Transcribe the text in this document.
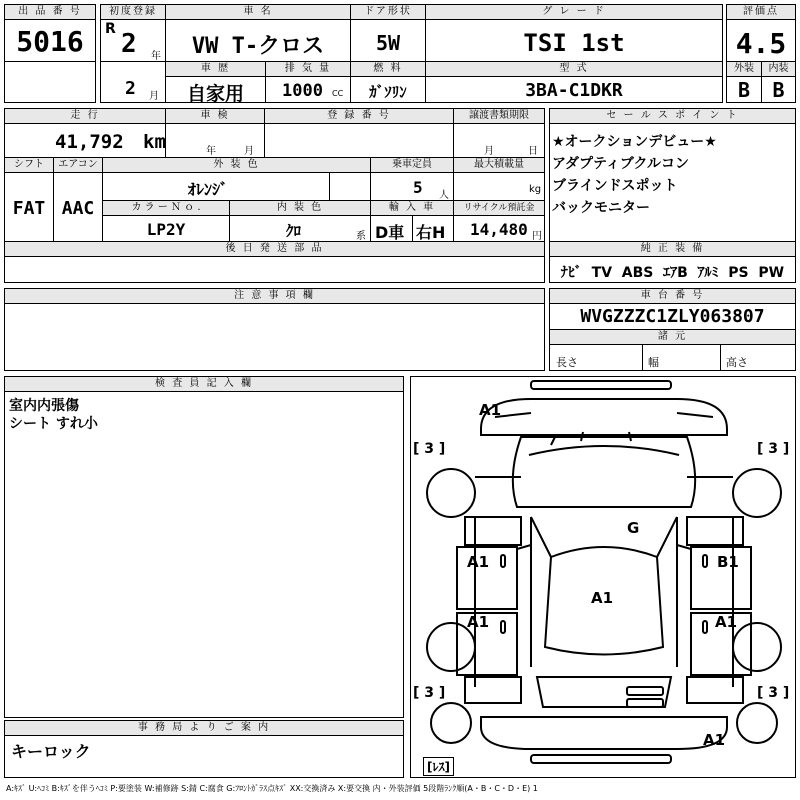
出 品 番 号
5016
初度登録
R 2 年
2 月
車 名
VW T-クロス
ドア形状
5W
グ レ ー ド
TSI 1st
評価点
4.5
車 歴
自家用
排 気 量
1000 CC
燃 料
ｶﾞｿﾘﾝ
型 式
3BA-C1DKR
外装
B
内装
B
走 行
41,792 km
車 検
年	月
登 録 番 号	譲渡書類期限
月	日
セ ー ル ス ポ イ ン ト
★オークションデビュー★
アダプティブクルコン
ブラインドスポット
バックモニター
シフト
FAT
エアコン
AAC
外 装 色
ｵﾚﾝｼﾞ
乗車定員
5 人
最大積載量
kg
カ ラ ー Ｎ ｏ .
LP2Y
内 装 色
ｸﾛ	系
輸 入 車
D車 右H
リサイクル預託金
14,480 円
後 日 発 送 部 品	純 正 装 備
ﾅﾋﾞ  TV  ABS  ｴｱB  ｱﾙﾐ  PS  PW
注 意 事 項 欄	車 台 番 号
WVGZZZC1ZLY063807
諸 元
長さ	幅	高さ
検 査 員 記 入 欄
室内内張傷
シート すれ小
事 務 局 よ り ご 案 内
キーロック
A1
G
A1	B1
A1
A1	A1
A1
[ 3 ]	[ 3 ]
[ 3 ]	[ 3 ]
[ﾚｽ]
A:ｷｽﾞ U:ﾍｺﾐ B:ｷｽﾞを伴うﾍｺﾐ P:要塗装 W:補修跡 S:錆 C:腐食 G:ﾌﾛﾝﾄｶﾞﾗｽ点ｷｽﾞ XX:交換済み X:要交換 内・外装評価 5段階ﾗﾝｸ順(A・B・C・D・E) 1
